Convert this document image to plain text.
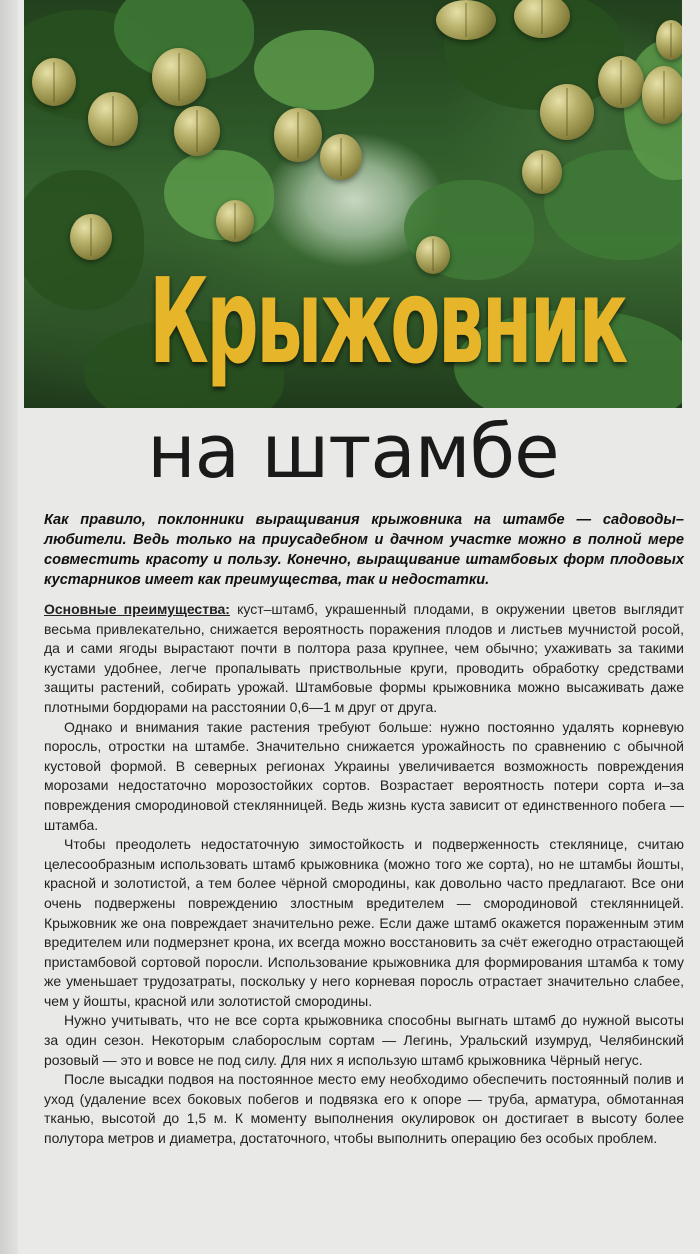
Крыжовник
на штамбе
Как правило, поклонники выращивания крыжовника на штамбе — садоводы–любители. Ведь только на приусадебном и дачном участке можно в полной мере совместить красоту и пользу. Конечно, выращивание штамбовых форм плодовых кустарников имеет как преимущества, так и недостатки.

Основные преимущества: куст–штамб, украшенный плодами, в окружении цветов выглядит весьма привлекательно, снижается вероятность поражения плодов и листьев мучнистой росой, да и сами ягоды вырастают почти в полтора раза крупнее, чем обычно; ухаживать за такими кустами удобнее, легче пропалывать приствольные круги, проводить обработку средствами защиты растений, собирать урожай. Штамбовые формы крыжовника можно высаживать даже плотными бордюрами на расстоянии 0,6—1 м друг от друга.

Однако и внимания такие растения требуют больше: нужно постоянно удалять корневую поросль, отростки на штамбе. Значительно снижается урожайность по сравнению с обычной кустовой формой. В северных регионах Украины увеличивается возможность повреждения морозами недостаточно морозостойких сортов. Возрастает вероятность потери сорта и–за повреждения смородиновой стеклянницей. Ведь жизнь куста зависит от единственного побега — штамба.

Чтобы преодолеть недостаточную зимостойкость и подверженность стеклянице, считаю целесообразным использовать штамб крыжовника (можно того же сорта), но не штамбы йошты, красной и золотистой, а тем более чёрной смородины, как довольно часто предлагают. Все они очень подвержены повреждению злостным вредителем — смородиновой стеклянницей. Крыжовник же она повреждает значительно реже. Если даже штамб окажется пораженным этим вредителем или подмерзнет крона, их всегда можно восстановить за счёт ежегодно отрастающей пристамбовой сортовой поросли. Использование крыжовника для формирования штамба к тому же уменьшает трудозатраты, поскольку у него корневая поросль отрастает значительно слабее, чем у йошты, красной или золотистой смородины.

Нужно учитывать, что не все сорта крыжовника способны выгнать штамб до нужной высоты за один сезон. Некоторым слаборослым сортам — Легинь, Уральский изумруд, Челябинский розовый — это и вовсе не под силу. Для них я использую штамб крыжовника Чёрный негус.

После высадки подвоя на постоянное место ему необходимо обеспечить постоянный полив и уход (удаление всех боковых побегов и подвязка его к опоре — труба, арматура, обмотанная тканью, высотой до 1,5 м. К моменту выполнения окулировок он достигает в высоту более полутора метров и диаметра, достаточного, чтобы выполнить операцию без особых проблем.
